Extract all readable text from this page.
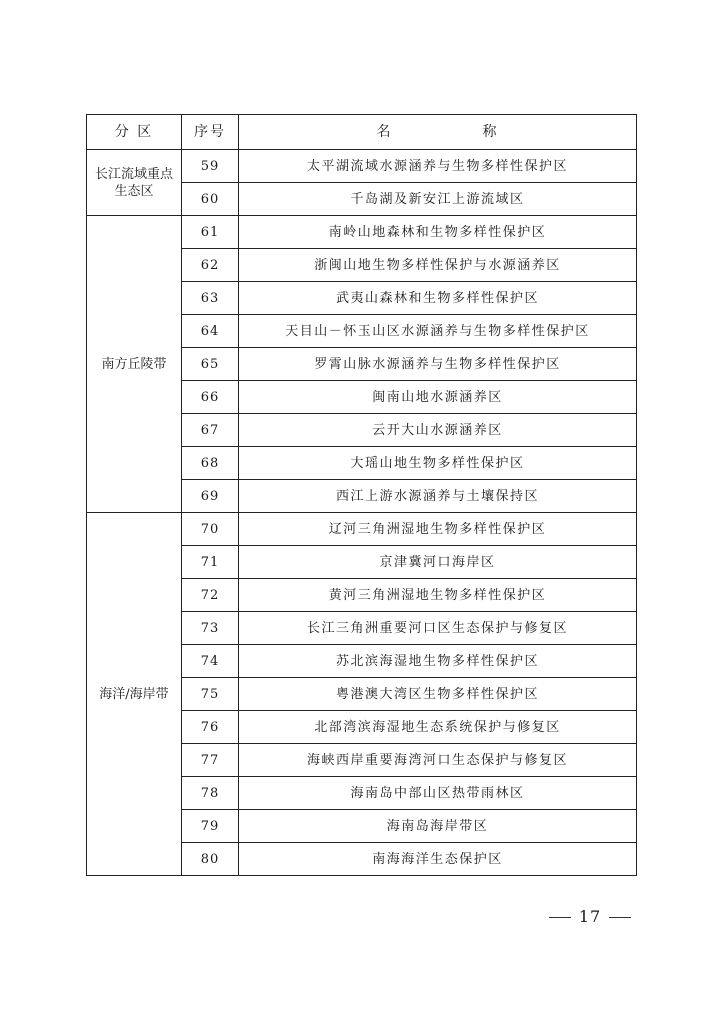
分 区	序号	名 称
长江流域重点生态区	59	太平湖流域水源涵养与生物多样性保护区
	60	千岛湖及新安江上游流域区
南方丘陵带	61	南岭山地森林和生物多样性保护区
	62	浙闽山地生物多样性保护与水源涵养区
	63	武夷山森林和生物多样性保护区
	64	天目山－怀玉山区水源涵养与生物多样性保护区
	65	罗霄山脉水源涵养与生物多样性保护区
	66	闽南山地水源涵养区
	67	云开大山水源涵养区
	68	大瑶山地生物多样性保护区
	69	西江上游水源涵养与土壤保持区
海洋/海岸带	70	辽河三角洲湿地生物多样性保护区
	71	京津冀河口海岸区
	72	黄河三角洲湿地生物多样性保护区
	73	长江三角洲重要河口区生态保护与修复区
	74	苏北滨海湿地生物多样性保护区
	75	粤港澳大湾区生物多样性保护区
	76	北部湾滨海湿地生态系统保护与修复区
	77	海峡西岸重要海湾河口生态保护与修复区
	78	海南岛中部山区热带雨林区
	79	海南岛海岸带区
	80	南海海洋生态保护区
17
